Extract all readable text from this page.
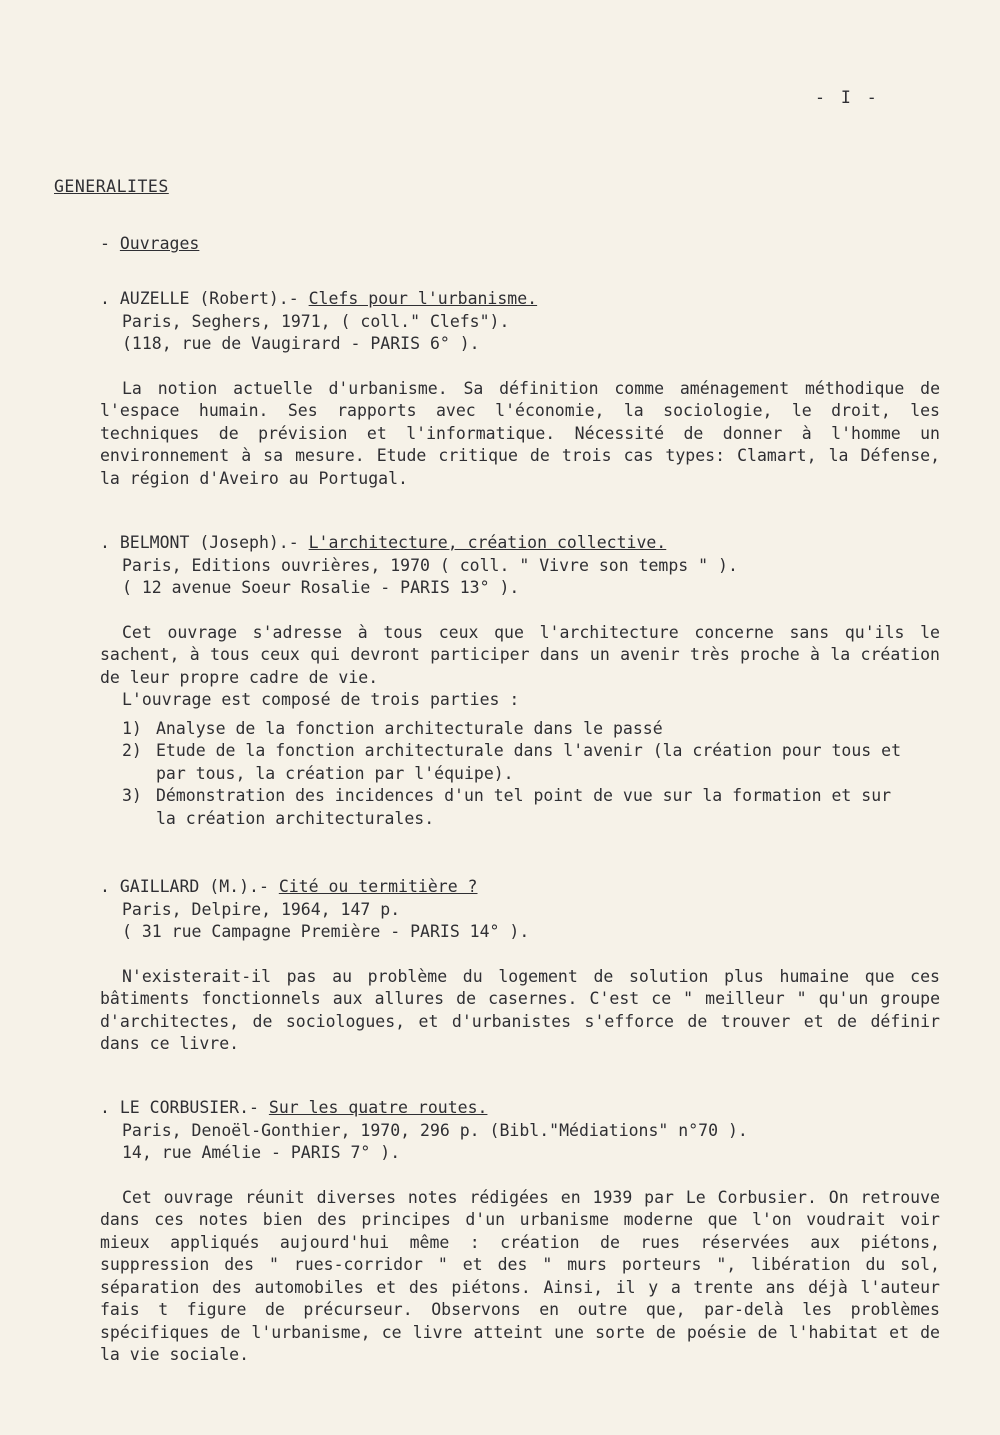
- I -
GENERALITES
- Ouvrages
. AUZELLE (Robert).- Clefs pour l'urbanisme.
Paris, Seghers, 1971, ( coll." Clefs").
(118, rue de Vaugirard - PARIS 6° ).
La notion actuelle d'urbanisme. Sa définition comme aménagement méthodique de l'espace humain. Ses rapports avec l'économie, la sociologie, le droit, les techniques de prévision et l'informatique. Nécessité de donner à l'homme un environnement à sa mesure. Etude critique de trois cas types: Clamart, la Défense, la région d'Aveiro au Portugal.
. BELMONT (Joseph).- L'architecture, création collective.
Paris, Editions ouvrières, 1970 ( coll. " Vivre son temps " ).
( 12 avenue Soeur Rosalie - PARIS 13° ).
Cet ouvrage s'adresse à tous ceux que l'architecture concerne sans qu'ils le sachent, à tous ceux qui devront participer dans un avenir très proche à la création de leur propre cadre de vie.
L'ouvrage est composé de trois parties :
1) Analyse de la fonction architecturale dans le passé
2) Etude de la fonction architecturale dans l'avenir (la création pour tous et par tous, la création par l'équipe).
3) Démonstration des incidences d'un tel point de vue sur la formation et sur la création architecturales.
. GAILLARD (M.).- Cité ou termitière ?
Paris, Delpire, 1964, 147 p.
( 31 rue Campagne Première - PARIS 14° ).
N'existerait-il pas au problème du logement de solution plus humaine que ces bâtiments fonctionnels aux allures de casernes. C'est ce " meilleur " qu'un groupe d'architectes, de sociologues, et d'urbanistes s'efforce de trouver et de définir dans ce livre.
. LE CORBUSIER.- Sur les quatre routes.
Paris, Denoël-Gonthier, 1970, 296 p. (Bibl."Médiations" n°70 ).
14, rue Amélie - PARIS 7° ).
Cet ouvrage réunit diverses notes rédigées en 1939 par Le Corbusier. On retrouve dans ces notes bien des principes d'un urbanisme moderne que l'on voudrait voir mieux appliqués aujourd'hui même : création de rues réservées aux piétons, suppression des " rues-corridor " et des " murs porteurs ", libération du sol, séparation des automobiles et des piétons. Ainsi, il y a trente ans déjà l'auteur fais t figure de précurseur. Observons en outre que, par-delà les problèmes spécifiques de l'urbanisme, ce livre atteint une sorte de poésie de l'habitat et de la vie sociale.
